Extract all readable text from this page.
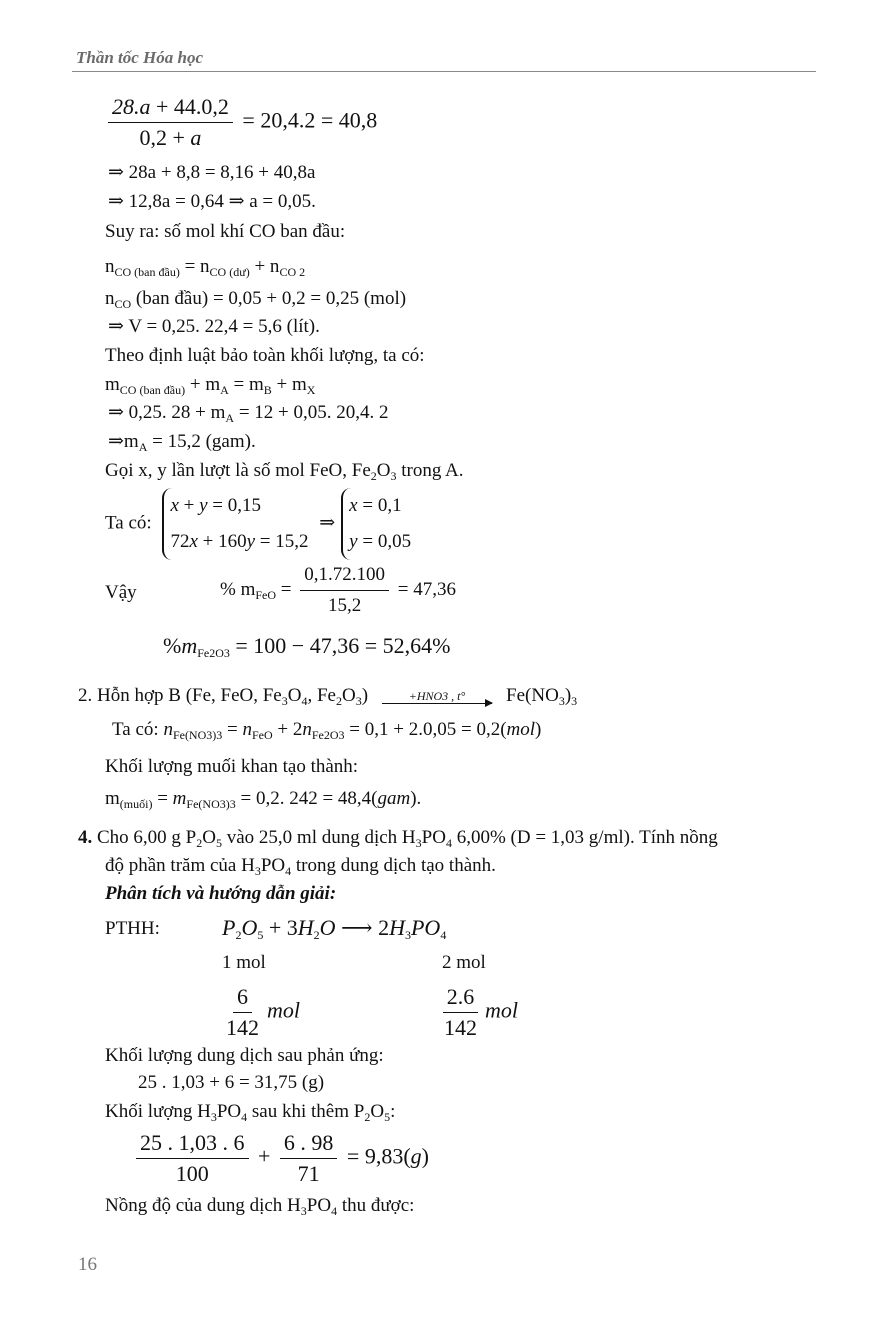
Thần tốc Hóa học
$\frac{28.a + 44.0,2}{0,2 + a} = 20,4.2 = 40,8$
⇒ 28a + 8,8 = 8,16 + 40,8a
⇒ 12,8a = 0,64 ⇒ a = 0,05.
Suy ra: số mol khí CO ban đầu:
$n_{CO (ban đầu)} = n_{CO (dư)} + n_{CO 2}$
$n_{CO}$ (ban đầu) = 0,05 + 0,2 = 0,25 (mol)
⇒ V = 0,25. 22,4 = 5,6 (lít).
Theo định luật bảo toàn khối lượng, ta có:
$m_{CO (ban đầu)} + m_A = m_B + m_X$
⇒ 0,25. $28 + m_A = 12 + 0,05$. 20,4. 2
$\Rightarrow m_A = 15,2$ (gam).
Gọi x, y lần lượt là số mol FeO, $Fe_2O_3$ trong A.
Ta có:
x + y = 0,15
72x + 160y = 15,2
⇒
x = 0,1
y = 0,05
Vậy	% $m_{FeO} = \frac{0,1.72.100}{15,2} = 47,36$
$\%m_{Fe2O3} = 100 - 47,36 = 52,64\%$
2. Hỗn hợp B (Fe, FeO, $Fe_3O_4$, $Fe_2O_3$)	+HNO3 , t° $Fe(NO_3)_3$
Ta có: $n_{Fe(NO3)3} = n_{FeO} + 2n_{Fe2O3} = 0,1 + 2.0,05 = 0,2(mol)$
Khối lượng muối khan tạo thành:
$m_{(muối)} = m_{Fe(NO3)3} = 0,2$. 242 = 48,4(gam).
4. Cho 6,00 g $P_2O_5$ vào 25,0 ml dung dịch $H_3PO_4$ 6,00% (D = 1,03 g/ml). Tính nồng
độ phần trăm của $H_3PO_4$ trong dung dịch tạo thành.
Phân tích và hướng dẫn giải:
PTHH:	$P_2O_5 + 3H_2O$ ⟶ $2H_3PO_4$
1 mol	2 mol
$\frac{6}{142}$ mol	$\frac{2.6}{142}$ mol
Khối lượng dung dịch sau phản ứng:
25 . 1,03 + 6 = 31,75 (g)
Khối lượng $H_3PO_4$ sau khi thêm $P_2O_5$:
$\frac{25 . 1,03 . 6}{100} + \frac{6 . 98}{71} = 9,83(g)$
Nồng độ của dung dịch $H_3PO_4$ thu được:
16
